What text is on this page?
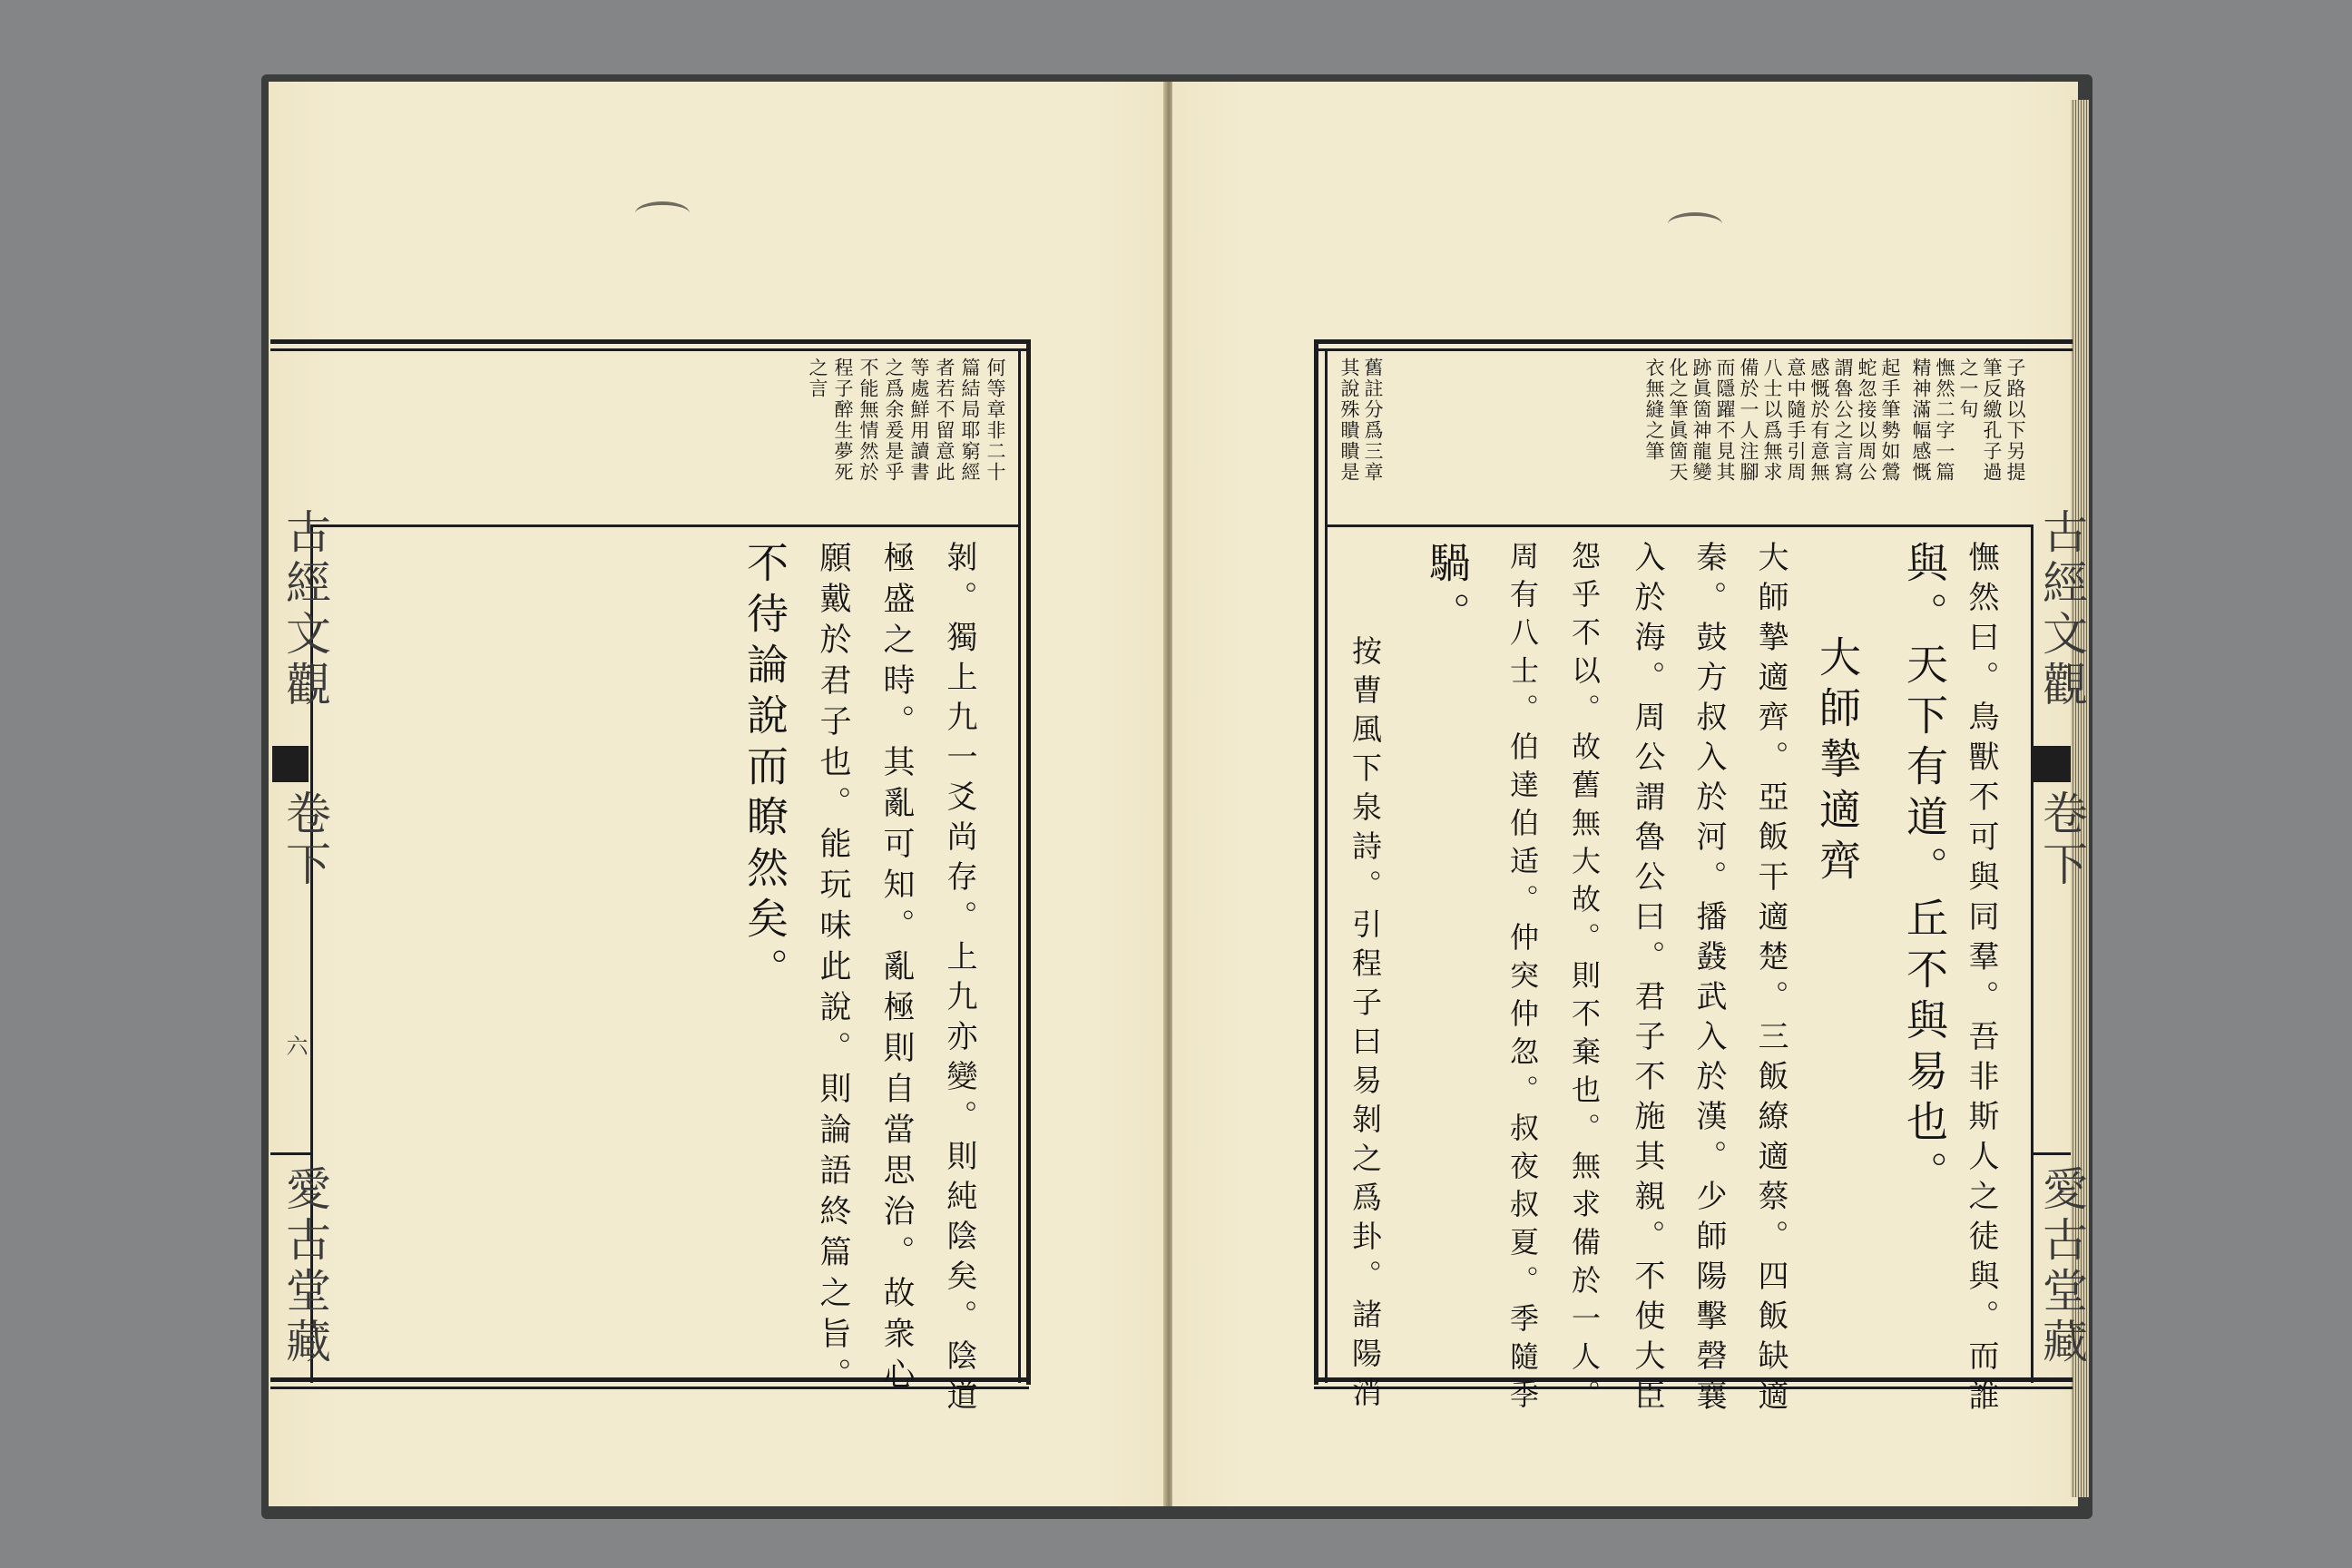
何等章非二十
篇結局耶窮經
者若不留意此
等處鮮用讀書
之爲余爰是乎
不能無情然於
程子醉生夢死
之言
古經文觀
卷下
六
愛古堂藏	剝。獨上九一爻尚存。上九亦變。則純陰矣。陰道
極盛之時。其亂可知。亂極則自當思治。故衆心
願戴於君子也。能玩味此說。則論語終篇之旨。
不待論說而瞭然矣。
子路以下另提
筆反繳孔子過
之一句
憮然二字一篇
精神滿幅感慨
起手筆勢如鶯
蛇忽接以周公
謂魯公之言寫
感慨於有意無
意中隨手引周
八士以爲無求
備於一人注腳
而隱躍不見其
跡眞箇神龍變
化之筆眞箇天
衣無縫之筆
舊註分爲三章
其說殊瞶瞶是
古經文觀
卷下
愛古堂藏
憮然曰。鳥獸不可與同羣。吾非斯人之徒與。而誰
與。天下有道。丘不與易也。
大師摯適齊
大師摯適齊。亞飯干適楚。三飯繚適蔡。四飯缺適
秦。鼓方叔入於河。播鼗武入於漢。少師陽擊磬襄
入於海。周公謂魯公曰。君子不施其親。不使大臣
怨乎不以。故舊無大故。則不棄也。無求備於一人。
周有八士。伯達伯适。仲突仲忽。叔夜叔夏。季隨季
騧。
按曹風下泉詩。引程子曰易剝之爲卦。諸陽消
